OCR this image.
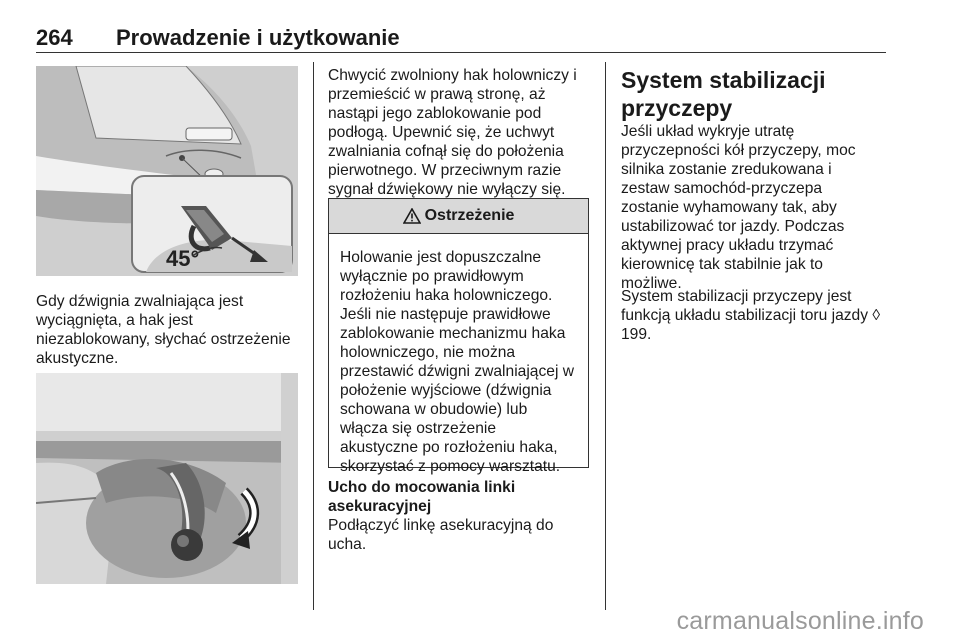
264 Prowadzenie i użytkowanie
45°

Gdy dźwignia zwalniająca jest wyciągnięta, a hak jest niezablokowany, słychać ostrzeżenie akustyczne.

Chwycić zwolniony hak holowniczy i przemieścić w prawą stronę, aż nastąpi jego zablokowanie pod podłogą. Upewnić się, że uchwyt zwalniania cofnął się do położenia pierwotnego. W przeciwnym razie sygnał dźwiękowy nie wyłączy się.

Ostrzeżenie

Holowanie jest dopuszczalne wyłącznie po prawidłowym rozłożeniu haka holowniczego. Jeśli nie następuje prawidłowe zablokowanie mechanizmu haka holowniczego, nie można przestawić dźwigni zwalniającej w położenie wyjściowe (dźwignia schowana w obudowie) lub włącza się ostrzeżenie akustyczne po rozłożeniu haka, skorzystać z pomocy warsztatu.

Ucho do mocowania linki asekuracyjnej

Podłączyć linkę asekuracyjną do ucha.

System stabilizacji przyczepy

Jeśli układ wykryje utratę przyczepności kół przyczepy, moc silnika zostanie zredukowana i zestaw samochód-przyczepa zostanie wyhamowany tak, aby ustabilizować tor jazdy. Podczas aktywnej pracy układu trzymać kierownicę tak stabilnie jak to możliwe.

System stabilizacji przyczepy jest funkcją układu stabilizacji toru jazdy ◊ 199.

carmanualsonline.info
